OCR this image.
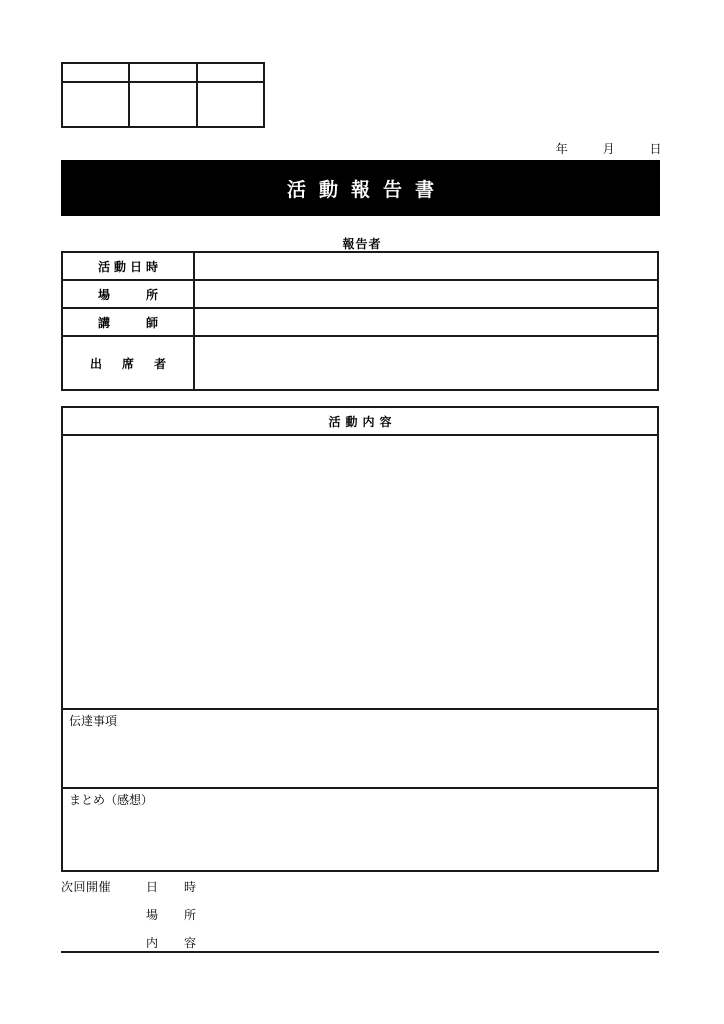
年	月	日
活動報告書
報告者
活動日時
場　　所
講　　師
出　席　者
活動内容
伝達事項
まとめ（感想）
次回開催	日　時
場　所
内　容
